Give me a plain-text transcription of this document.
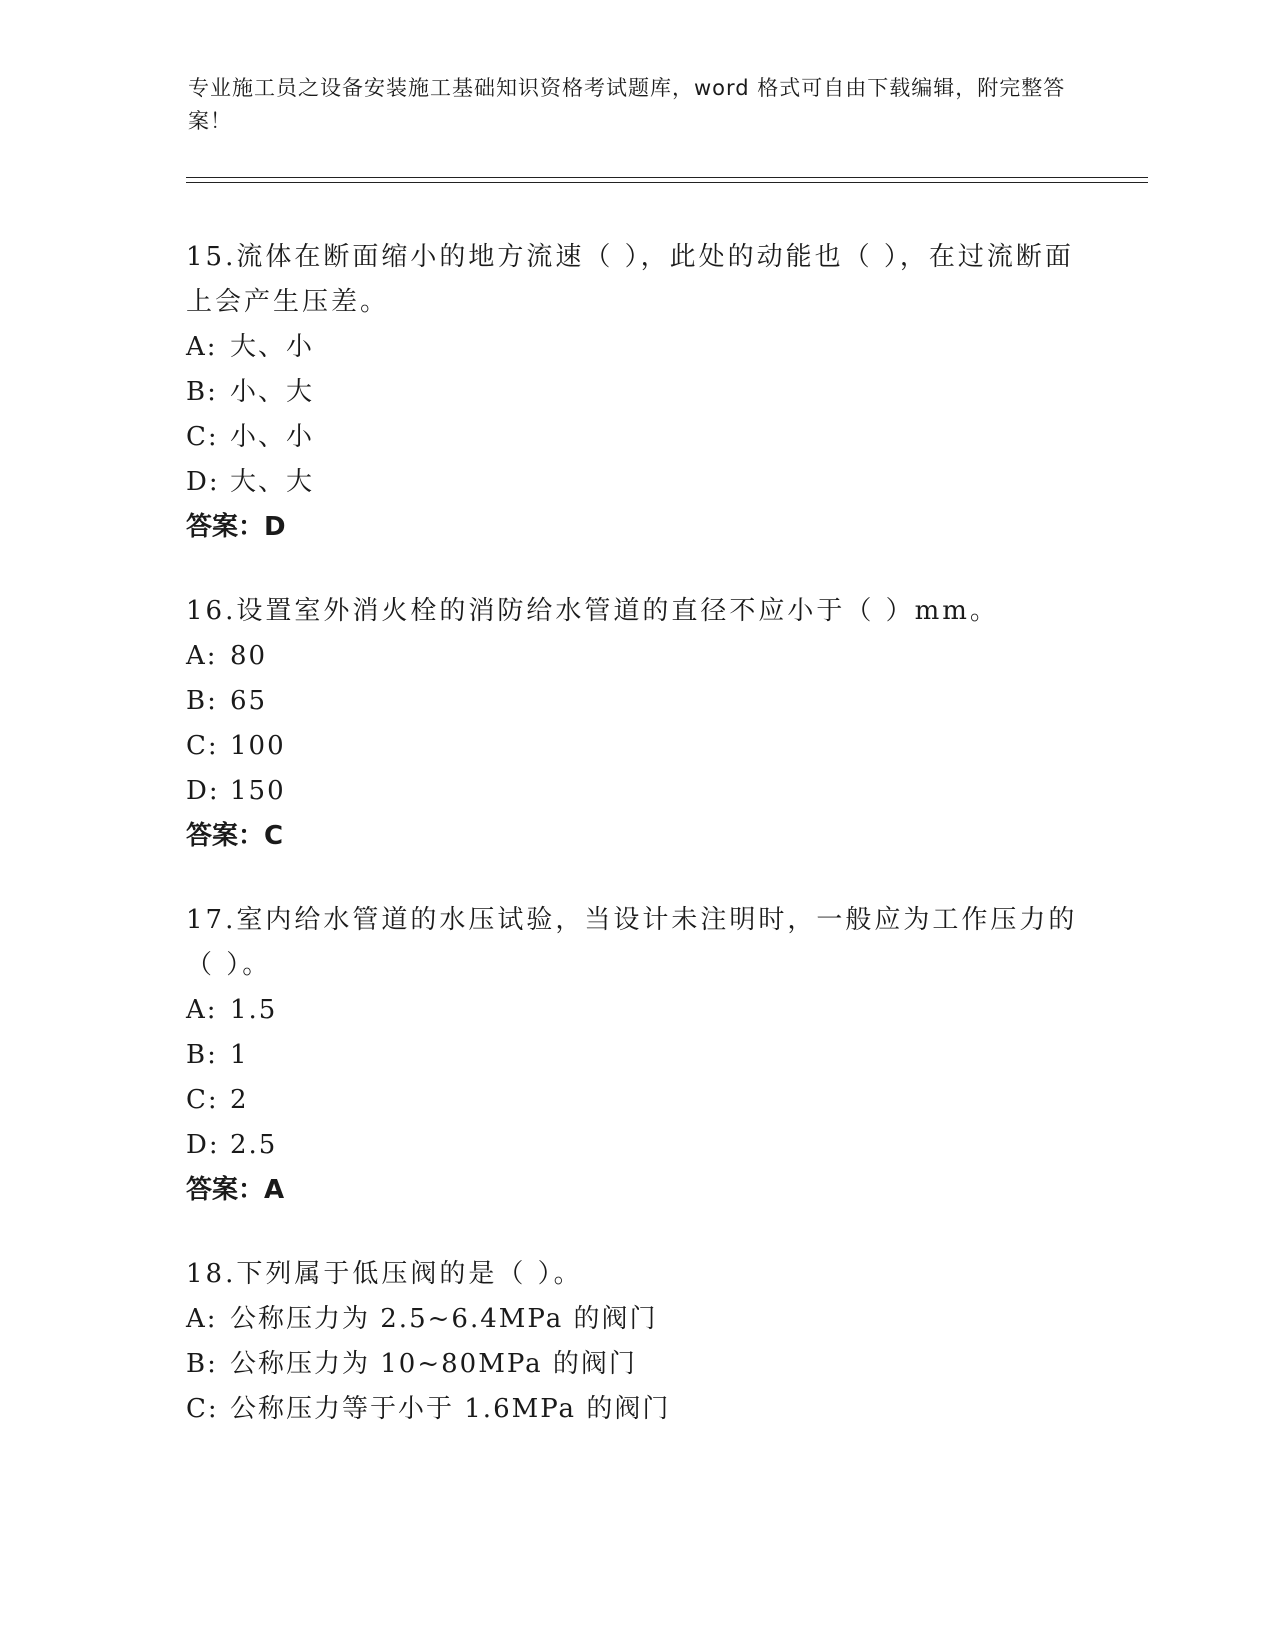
专业施工员之设备安装施工基础知识资格考试题库，word 格式可自由下载编辑，附完整答案！

15.流体在断面缩小的地方流速（ ），此处的动能也（ ），在过流断面上会产生压差。

A: 大、小

B: 小、大

C: 小、小

D: 大、大

答案：D

16.设置室外消火栓的消防给水管道的直径不应小于（ ）mm。

A: 80

B: 65

C: 100

D: 150

答案：C

17.室内给水管道的水压试验，当设计未注明时，一般应为工作压力的（ ）。

A: 1.5

B: 1

C: 2

D: 2.5

答案：A

18.下列属于低压阀的是（ ）。

A: 公称压力为 2.5~6.4MPa 的阀门

B: 公称压力为 10~80MPa 的阀门

C: 公称压力等于小于 1.6MPa 的阀门
